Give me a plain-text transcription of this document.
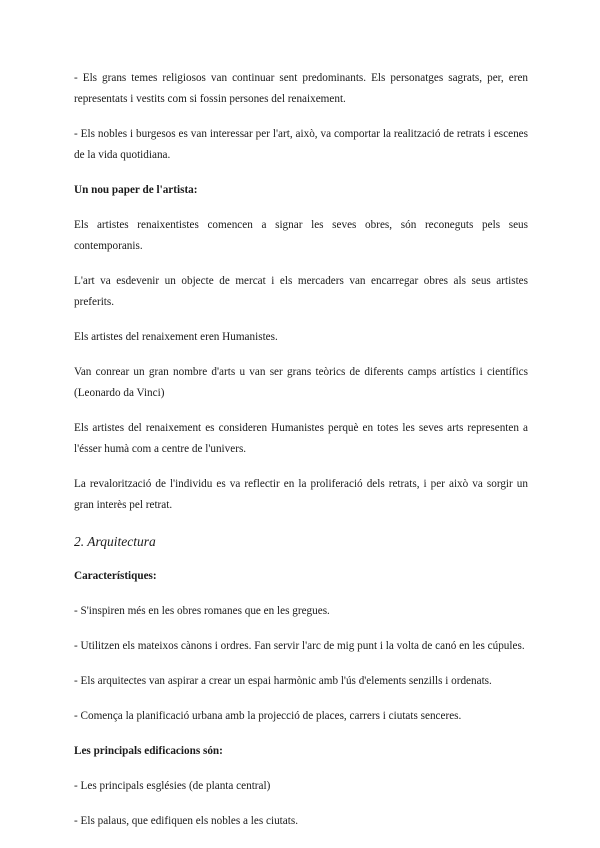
- Els grans temes religiosos van continuar sent predominants. Els personatges sagrats, per, eren representats i vestits com si fossin persones del renaixement.

- Els nobles i burgesos es van interessar per l'art, això, va comportar la realització de retrats i escenes de la vida quotidiana.

Un nou paper de l'artista:

Els artistes renaixentistes comencen a signar les seves obres, són reconeguts pels seus contemporanis.

L'art va esdevenir un objecte de mercat i els mercaders van encarregar obres als seus artistes preferits.

Els artistes del renaixement eren Humanistes.

Van conrear un gran nombre d'arts u van ser grans teòrics de diferents camps artístics i científics (Leonardo da Vinci)

Els artistes del renaixement es consideren Humanistes perquè en totes les seves arts representen a l'ésser humà com a centre de l'univers.

La revalorització de l'individu es va reflectir en la proliferació dels retrats, i per això va sorgir un gran interès pel retrat.

2. Arquitectura

Característiques:

- S'inspiren més en les obres romanes que en les gregues.

- Utilitzen els mateixos cànons i ordres. Fan servir l'arc de mig punt i la volta de canó en les cúpules.

- Els arquitectes van aspirar a crear un espai harmònic amb l'ús d'elements senzills i ordenats.

- Comença la planificació urbana amb la projecció de places, carrers i ciutats senceres.

Les principals edificacions són:

- Les principals esglésies (de planta central)

- Els palaus, que edifiquen els nobles a les ciutats.
